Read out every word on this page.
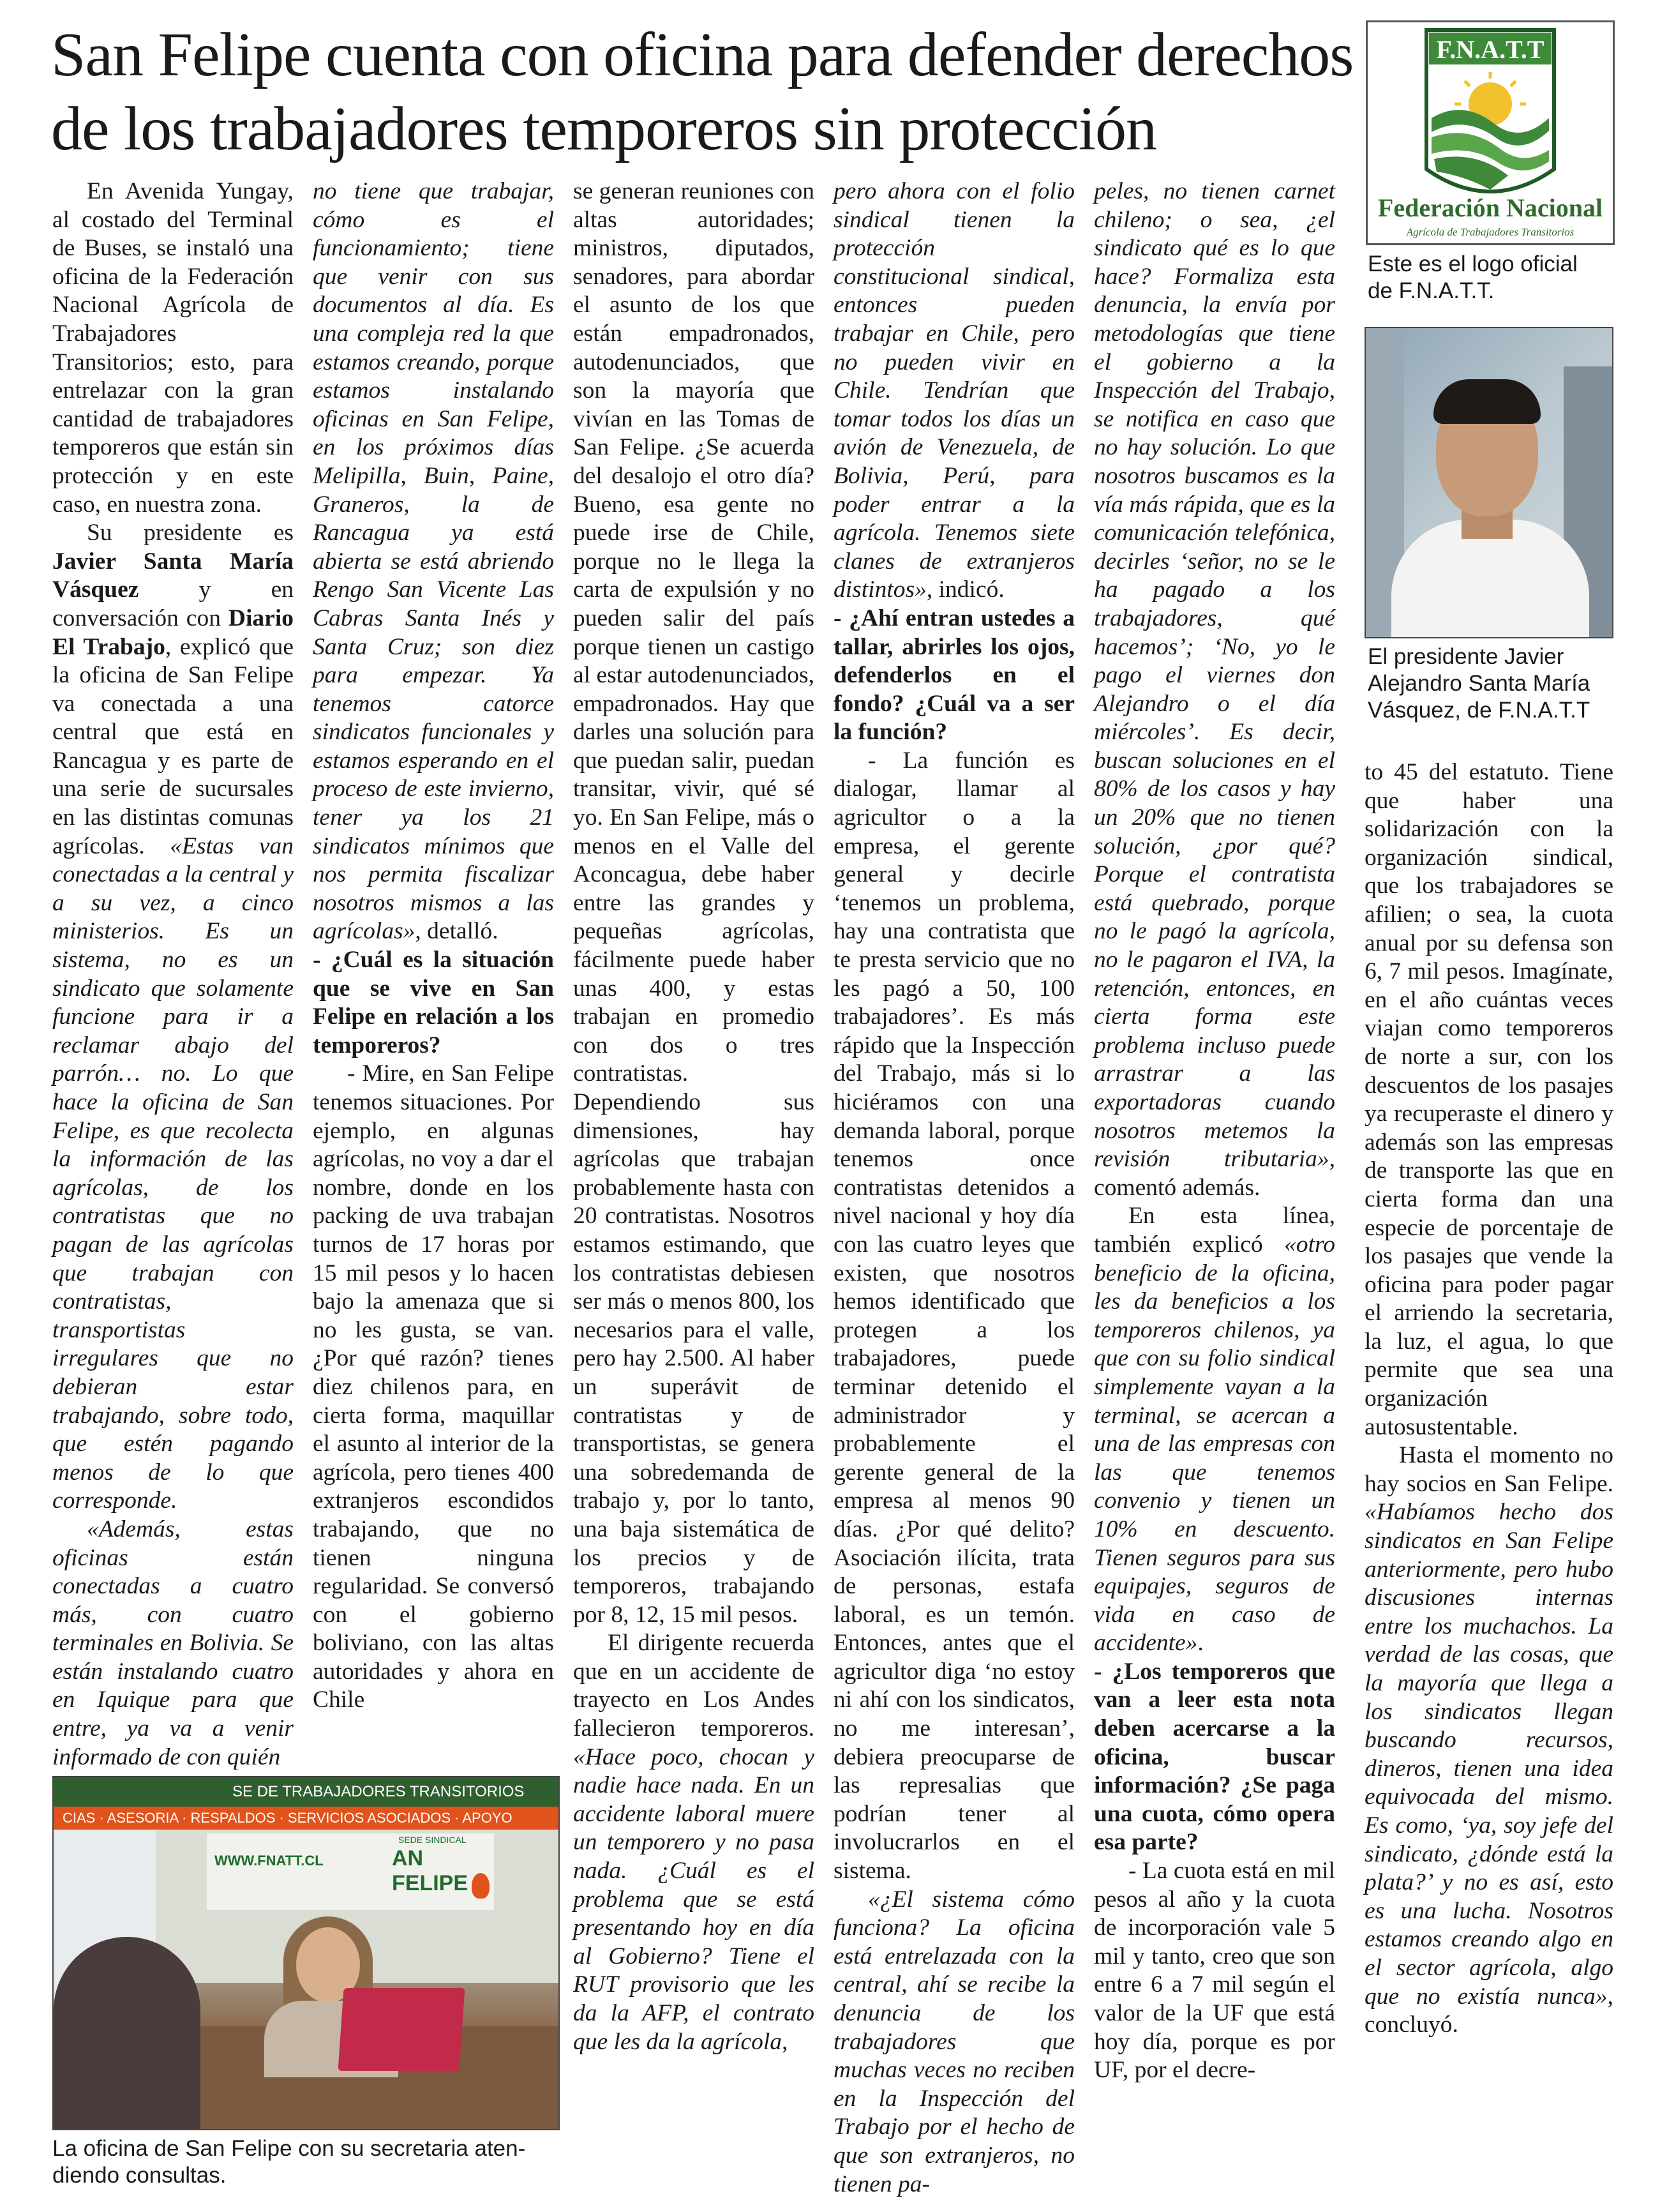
San Felipe cuenta con oficina para defender derechos
de los trabajadores temporeros sin protección
F.N.A.T.T
Federación Nacional
Agrícola de Trabajadores Transitorios
Este es el logo oficial
de F.N.A.T.T.
El presidente Javier
Alejandro Santa María
Vásquez, de F.N.A.T.T
SE DE TRABAJADORES TRANSITORIOS
CIAS · ASESORIA · RESPALDOS · SERVICIOS ASOCIADOS · APOYO
WWW.FNATT.CL
SEDE SINDICAL
AN FELIPE
La oficina de San Felipe con su secretaria aten-
diendo consultas.

En Avenida Yungay, al costado del Terminal de Buses, se instaló una oficina de la Federación Nacional Agrícola de Trabajadores Transitorios; esto, para entrelazar con la gran cantidad de trabajadores temporeros que están sin protección y en este caso, en nuestra zona.

Su presidente es Javier Santa María Vásquez y en conversación con Diario El Trabajo, explicó que la oficina de San Felipe va conectada a una central que está en Rancagua y es parte de una serie de sucursales en las distintas comunas agrícolas. «Estas van conectadas a la central y a su vez, a cinco ministerios. Es un sistema, no es un sindicato que solamente funcione para ir a reclamar abajo del parrón… no. Lo que hace la oficina de San Felipe, es que recolecta la información de las agrícolas, de los contratistas que no pagan de las agrícolas que trabajan con contratistas, transportistas irregulares que no debieran estar trabajando, sobre todo, que estén pagando menos de lo que corresponde.

«Además, estas oficinas están conectadas a cuatro más, con cuatro terminales en Bolivia. Se están instalando cuatro en Iquique para que entre, ya va a venir informado de con quién

no tiene que trabajar, cómo es el funcionamiento; tiene que venir con sus documentos al día. Es una compleja red la que estamos creando, porque estamos instalando oficinas en San Felipe, en los próximos días Melipilla, Buin, Paine, Graneros, la de Rancagua ya está abierta se está abriendo Rengo San Vicente Las Cabras Santa Inés y Santa Cruz; son diez para empezar. Ya tenemos catorce sindicatos funcionales y estamos esperando en el proceso de este invierno, tener ya los 21 sindicatos mínimos que nos permita fiscalizar nosotros mismos a las agrícolas», detalló.

- ¿Cuál es la situación que se vive en San Felipe en relación a los temporeros?

- Mire, en San Felipe tenemos situaciones. Por ejemplo, en algunas agrícolas, no voy a dar el nombre, donde en los packing de uva trabajan turnos de 17 horas por 15 mil pesos y lo hacen bajo la amenaza que si no les gusta, se van. ¿Por qué razón? tienes diez chilenos para, en cierta forma, maquillar el asunto al interior de la agrícola, pero tienes 400 extranjeros escondidos trabajando, que no tienen ninguna regularidad. Se conversó con el gobierno boliviano, con las altas autoridades y ahora en Chile

se generan reuniones con altas autoridades; ministros, diputados, senadores, para abordar el asunto de los que están empadronados, autodenunciados, que son la mayoría que vivían en las Tomas de San Felipe. ¿Se acuerda del desalojo el otro día? Bueno, esa gente no puede irse de Chile, porque no le llega la carta de expulsión y no pueden salir del país porque tienen un castigo al estar autodenunciados, empadronados. Hay que darles una solución para que puedan salir, puedan transitar, vivir, qué sé yo. En San Felipe, más o menos en el Valle del Aconcagua, debe haber entre las grandes y pequeñas agrícolas, fácilmente puede haber unas 400, y estas trabajan en promedio con dos o tres contratistas. Dependiendo sus dimensiones, hay agrícolas que trabajan probablemente hasta con 20 contratistas. Nosotros estamos estimando, que los contratistas debiesen ser más o menos 800, los necesarios para el valle, pero hay 2.500. Al haber un superávit de contratistas y de transportistas, se genera una sobredemanda de trabajo y, por lo tanto, una baja sistemática de los precios y de temporeros, trabajando por 8, 12, 15 mil pesos.

El dirigente recuerda que en un accidente de trayecto en Los Andes fallecieron temporeros. «Hace poco, chocan y nadie hace nada. En un accidente laboral muere un temporero y no pasa nada. ¿Cuál es el problema que se está presentando hoy en día al Gobierno? Tiene el RUT provisorio que les da la AFP, el contrato que les da la agrícola,

pero ahora con el folio sindical tienen la protección constitucional sindical, entonces pueden trabajar en Chile, pero no pueden vivir en Chile. Tendrían que tomar todos los días un avión de Venezuela, de Bolivia, Perú, para poder entrar a la agrícola. Tenemos siete clanes de extranjeros distintos», indicó.

- ¿Ahí entran ustedes a tallar, abrirles los ojos, defenderlos en el fondo? ¿Cuál va a ser la función?

- La función es dialogar, llamar al agricultor o a la empresa, el gerente general y decirle ‘tenemos un problema, hay una contratista que te presta servicio que no les pagó a 50, 100 trabajadores’. Es más rápido que la Inspección del Trabajo, más si lo hiciéramos con una demanda laboral, porque tenemos once contratistas detenidos a nivel nacional y hoy día con las cuatro leyes que existen, que nosotros hemos identificado que protegen a los trabajadores, puede terminar detenido el administrador y probablemente el gerente general de la empresa al menos 90 días. ¿Por qué delito? Asociación ilícita, trata de personas, estafa laboral, es un temón. Entonces, antes que el agricultor diga ‘no estoy ni ahí con los sindicatos, no me interesan’, debiera preocuparse de las represalias que podrían tener al involucrarlos en el sistema.

«¿El sistema cómo funciona? La oficina está entrelazada con la central, ahí se recibe la denuncia de los trabajadores que muchas veces no reciben en la Inspección del Trabajo por el hecho de que son extranjeros, no tienen pa-

peles, no tienen carnet chileno; o sea, ¿el sindicato qué es lo que hace? Formaliza esta denuncia, la envía por metodologías que tiene el gobierno a la Inspección del Trabajo, se notifica en caso que no hay solución. Lo que nosotros buscamos es la vía más rápida, que es la comunicación telefónica, decirles ‘señor, no se le ha pagado a los trabajadores, qué hacemos’; ‘No, yo le pago el viernes don Alejandro o el día miércoles’. Es decir, buscan soluciones en el 80% de los casos y hay un 20% que no tienen solución, ¿por qué? Porque el contratista está quebrado, porque no le pagó la agrícola, no le pagaron el IVA, la retención, entonces, en cierta forma este problema incluso puede arrastrar a las exportadoras cuando nosotros metemos la revisión tributaria», comentó además.

En esta línea, también explicó «otro beneficio de la oficina, les da beneficios a los temporeros chilenos, ya que con su folio sindical simplemente vayan a la terminal, se acercan a una de las empresas con las que tenemos convenio y tienen un 10% en descuento. Tienen seguros para sus equipajes, seguros de vida en caso de accidente».

- ¿Los temporeros que van a leer esta nota deben acercarse a la oficina, buscar información? ¿Se paga una cuota, cómo opera esa parte?

- La cuota está en mil pesos al año y la cuota de incorporación vale 5 mil y tanto, creo que son entre 6 a 7 mil según el valor de la UF que está hoy día, porque es por UF, por el decre-

to 45 del estatuto. Tiene que haber una solidarización con la organización sindical, que los trabajadores se afilien; o sea, la cuota anual por su defensa son 6, 7 mil pesos. Imagínate, en el año cuántas veces viajan como temporeros de norte a sur, con los descuentos de los pasajes ya recuperaste el dinero y además son las empresas de transporte las que en cierta forma dan una especie de porcentaje de los pasajes que vende la oficina para poder pagar el arriendo la secretaria, la luz, el agua, lo que permite que sea una organización autosustentable.

Hasta el momento no hay socios en San Felipe. «Habíamos hecho dos sindicatos en San Felipe anteriormente, pero hubo discusiones internas entre los muchachos. La verdad de las cosas, que la mayoría que llega a los sindicatos llegan buscando recursos, dineros, tienen una idea equivocada del mismo. Es como, ‘ya, soy jefe del sindicato, ¿dónde está la plata?’ y no es así, esto es una lucha. Nosotros estamos creando algo en el sector agrícola, algo que no existía nunca», concluyó.
